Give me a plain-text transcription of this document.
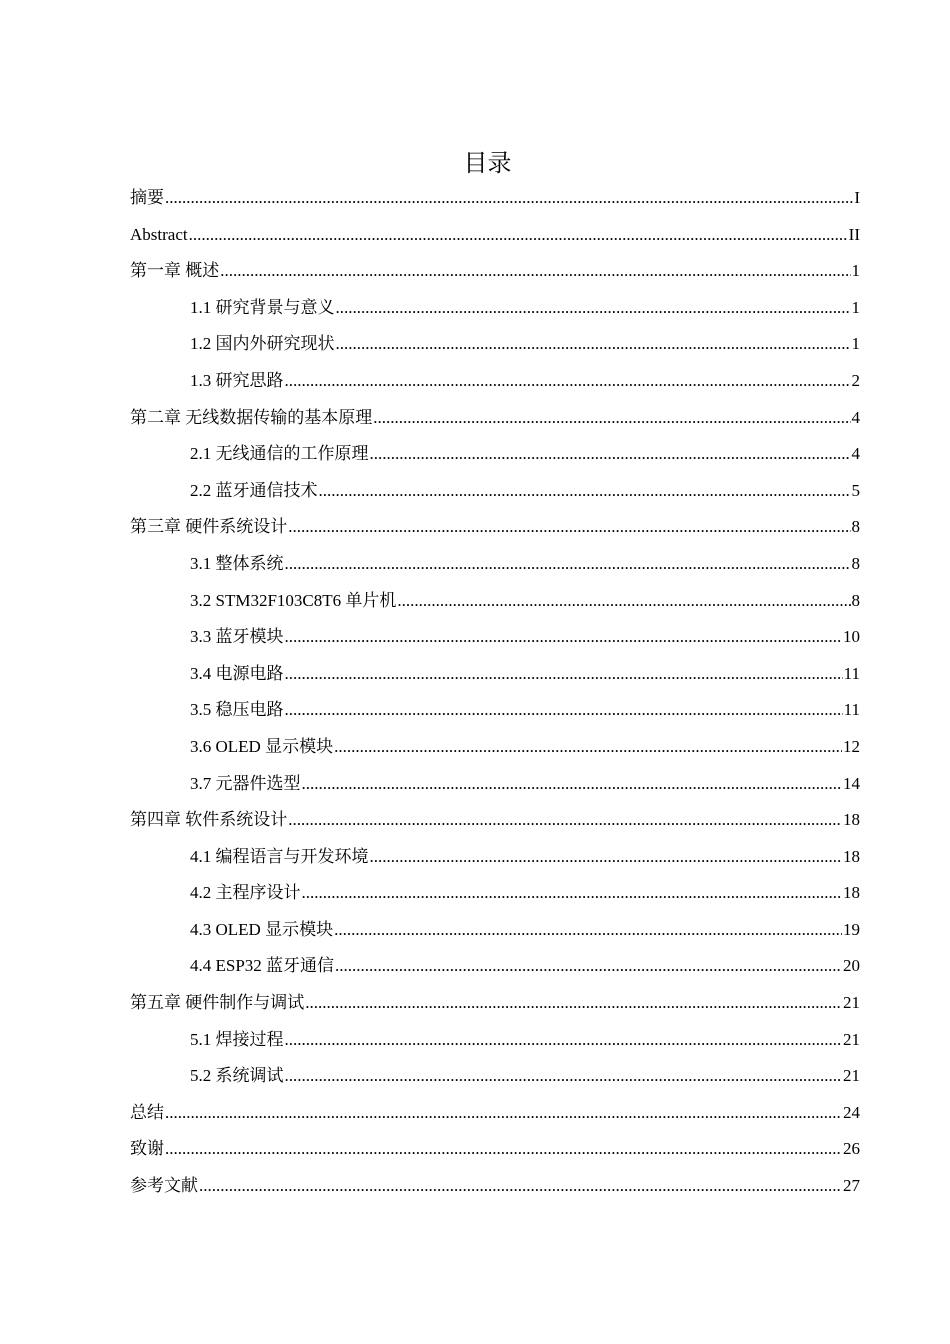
目录
摘要 .....	I
Abstract .....	II
第一章 概述 .....	1
1.1 研究背景与意义 .....	1
1.2 国内外研究现状 .....	1
1.3 研究思路 .....	2
第二章 无线数据传输的基本原理 .....	4
2.1 无线通信的工作原理 .....	4
2.2 蓝牙通信技术 .....	5
第三章 硬件系统设计 .....	8
3.1 整体系统 .....	8
3.2 STM32F103C8T6 单片机 .....	8
3.3 蓝牙模块 .....	10
3.4 电源电路 .....	11
3.5 稳压电路 .....	11
3.6 OLED 显示模块 .....	12
3.7 元器件选型 .....	14
第四章 软件系统设计 .....	18
4.1 编程语言与开发环境 .....	18
4.2 主程序设计 .....	18
4.3 OLED 显示模块 .....	19
4.4 ESP32 蓝牙通信 .....	20
第五章 硬件制作与调试 .....	21
5.1 焊接过程 .....	21
5.2 系统调试 .....	21
总结 .....	24
致谢 .....	26
参考文献 .....	27
